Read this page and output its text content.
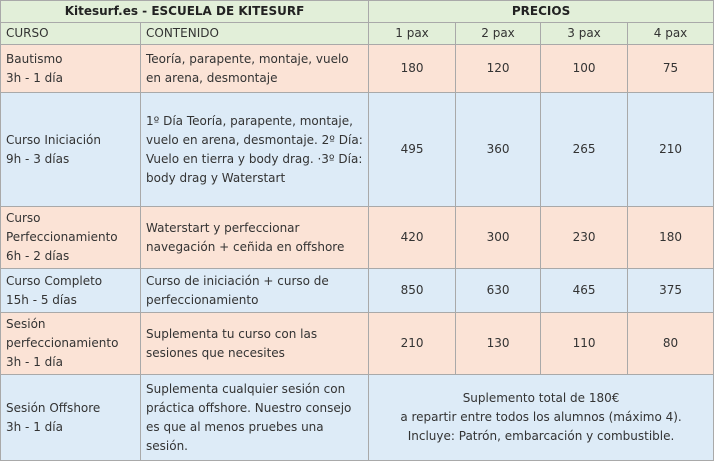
Kitesurf.es - ESCUELA DE KITESURF		PRECIOS			
CURSO	CONTENIDO	1 pax	2 pax	3 pax	4 pax

Bautismo
3h - 1 día	Teoría, parapente, montaje, vuelo en arena, desmontaje	180	120	100	75

Curso Iniciación
9h - 3 días	1º Día Teoría, parapente, montaje, vuelo en arena, desmontaje. 2º Día: Vuelo en tierra y body drag. ·3º Día: body drag y Waterstart	495	360	265	210

Curso Perfeccionamiento
6h - 2 días	Waterstart y perfeccionar navegación + ceñida en offshore	420	300	230	180

Curso Completo
15h - 5 días	Curso de iniciación + curso de perfeccionamiento	850	630	465	375

Sesión perfeccionamiento
3h - 1 día	Suplementa tu curso con las sesiones que necesites	210	130	110	80

Sesión Offshore
3h - 1 día	Suplementa cualquier sesión con práctica offshore. Nuestro consejo es que al menos pruebes una sesión.	Suplemento total de 180€
a repartir entre todos los alumnos (máximo 4).
Incluye: Patrón, embarcación y combustible.			
